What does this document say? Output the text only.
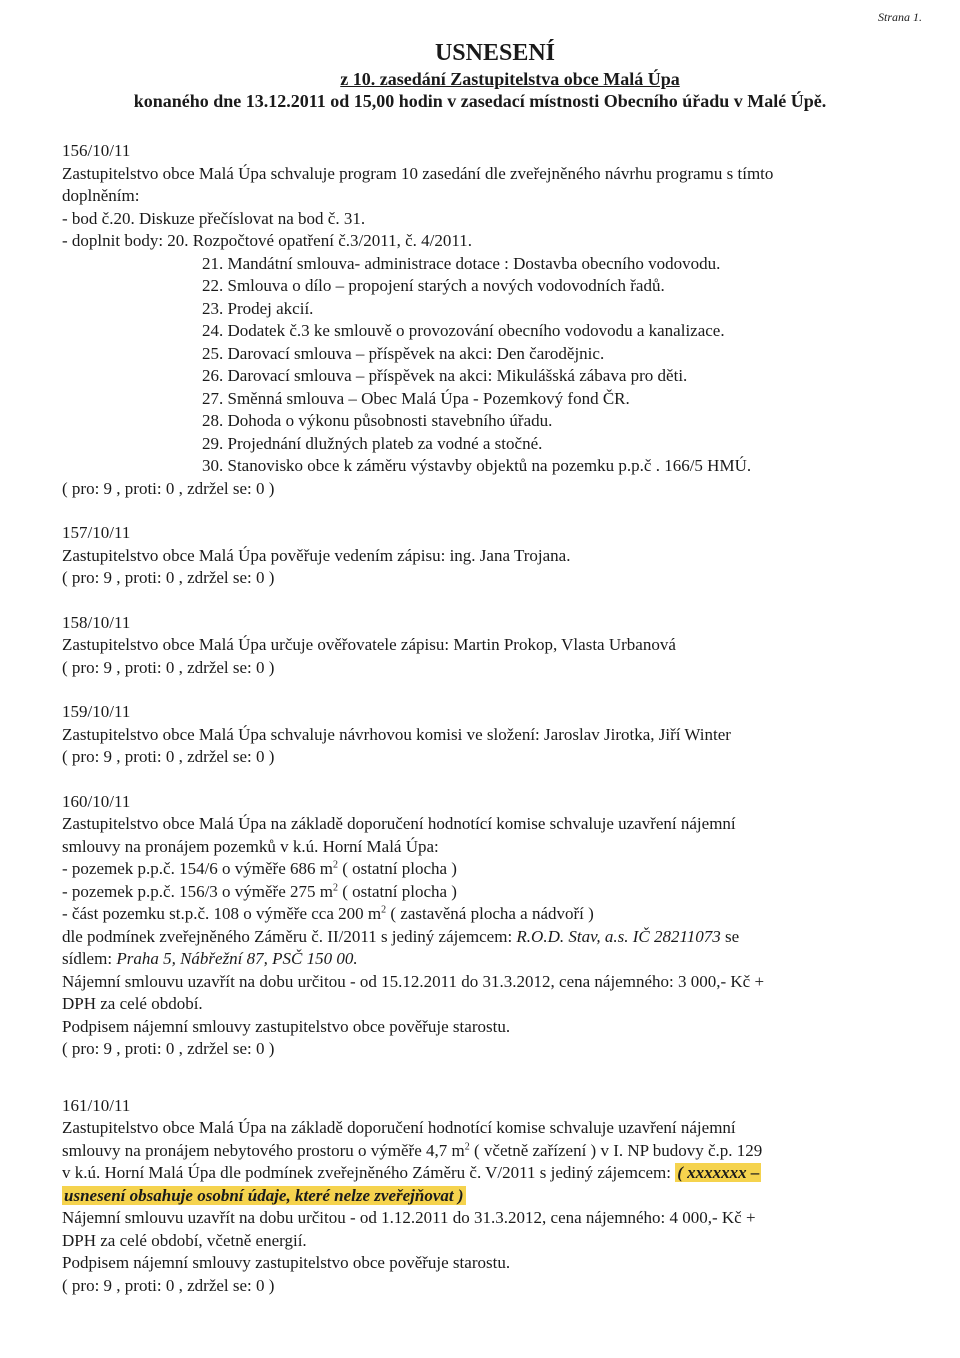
Strana 1.
USNESENÍ
z 10. zasedání Zastupitelstva obce Malá Úpa
konaného dne 13.12.2011 od 15,00 hodin v zasedací místnosti Obecního úřadu v Malé Úpě.
156/10/11
Zastupitelstvo obce Malá Úpa schvaluje program 10 zasedání dle zveřejněného návrhu programu s tímto
doplněním:
- bod č.20. Diskuze přečíslovat na bod č. 31.
- doplnit body: 20. Rozpočtové opatření č.3/2011, č. 4/2011.
21. Mandátní smlouva- administrace dotace : Dostavba obecního vodovodu.
22. Smlouva o dílo – propojení starých a nových vodovodních řadů.
23. Prodej akcií.
24. Dodatek č.3 ke smlouvě o provozování obecního vodovodu a kanalizace.
25. Darovací smlouva – příspěvek na akci: Den čarodějnic.
26. Darovací smlouva – příspěvek na akci: Mikulášská zábava pro děti.
27. Směnná smlouva – Obec Malá Úpa - Pozemkový fond ČR.
28. Dohoda o výkonu působnosti stavebního úřadu.
29. Projednání dlužných plateb za vodné a stočné.
30. Stanovisko obce k záměru výstavby objektů na pozemku p.p.č . 166/5 HMÚ.
( pro: 9 , proti: 0 , zdržel se: 0 )
157/10/11
Zastupitelstvo obce Malá Úpa pověřuje vedením zápisu: ing. Jana Trojana.
( pro: 9 , proti: 0 , zdržel se: 0 )
158/10/11
Zastupitelstvo obce Malá Úpa určuje ověřovatele zápisu: Martin Prokop, Vlasta Urbanová
( pro: 9 , proti: 0 , zdržel se: 0 )
159/10/11
Zastupitelstvo obce Malá Úpa schvaluje návrhovou komisi ve složení: Jaroslav Jirotka, Jiří Winter
( pro: 9 , proti: 0 , zdržel se: 0 )
160/10/11
Zastupitelstvo obce Malá Úpa na základě doporučení hodnotící komise schvaluje uzavření nájemní
smlouvy na pronájem pozemků v k.ú. Horní Malá Úpa:
- pozemek p.p.č. 154/6 o výměře 686 $m^2$ ( ostatní plocha )
- pozemek p.p.č. 156/3 o výměře 275 $m^2$ ( ostatní plocha )
- část pozemku st.p.č. 108 o výměře cca 200 $m^2$ ( zastavěná plocha a nádvoří )
dle podmínek zveřejněného Záměru č. II/2011 s jediný zájemcem: R.O.D. Stav, a.s. IČ 28211073 se
sídlem: Praha 5, Nábřežní 87, PSČ 150 00.
Nájemní smlouvu uzavřít na dobu určitou - od 15.12.2011 do 31.3.2012, cena nájemného: 3 000,- Kč +
DPH za celé období.
Podpisem nájemní smlouvy zastupitelstvo obce pověřuje starostu.
( pro: 9 , proti: 0 , zdržel se: 0 )
161/10/11
Zastupitelstvo obce Malá Úpa na základě doporučení hodnotící komise schvaluje uzavření nájemní
smlouvy na pronájem nebytového prostoru o výměře 4,7 $m^2$ ( včetně zařízení ) v I. NP budovy č.p. 129
v k.ú. Horní Malá Úpa dle podmínek zveřejněného Záměru č. V/2011 s jediný zájemcem: ( xxxxxxx –
usnesení obsahuje osobní údaje, které nelze zveřejňovat )
Nájemní smlouvu uzavřít na dobu určitou - od 1.12.2011 do 31.3.2012, cena nájemného: 4 000,- Kč +
DPH za celé období, včetně energií.
Podpisem nájemní smlouvy zastupitelstvo obce pověřuje starostu.
( pro: 9 , proti: 0 , zdržel se: 0 )
